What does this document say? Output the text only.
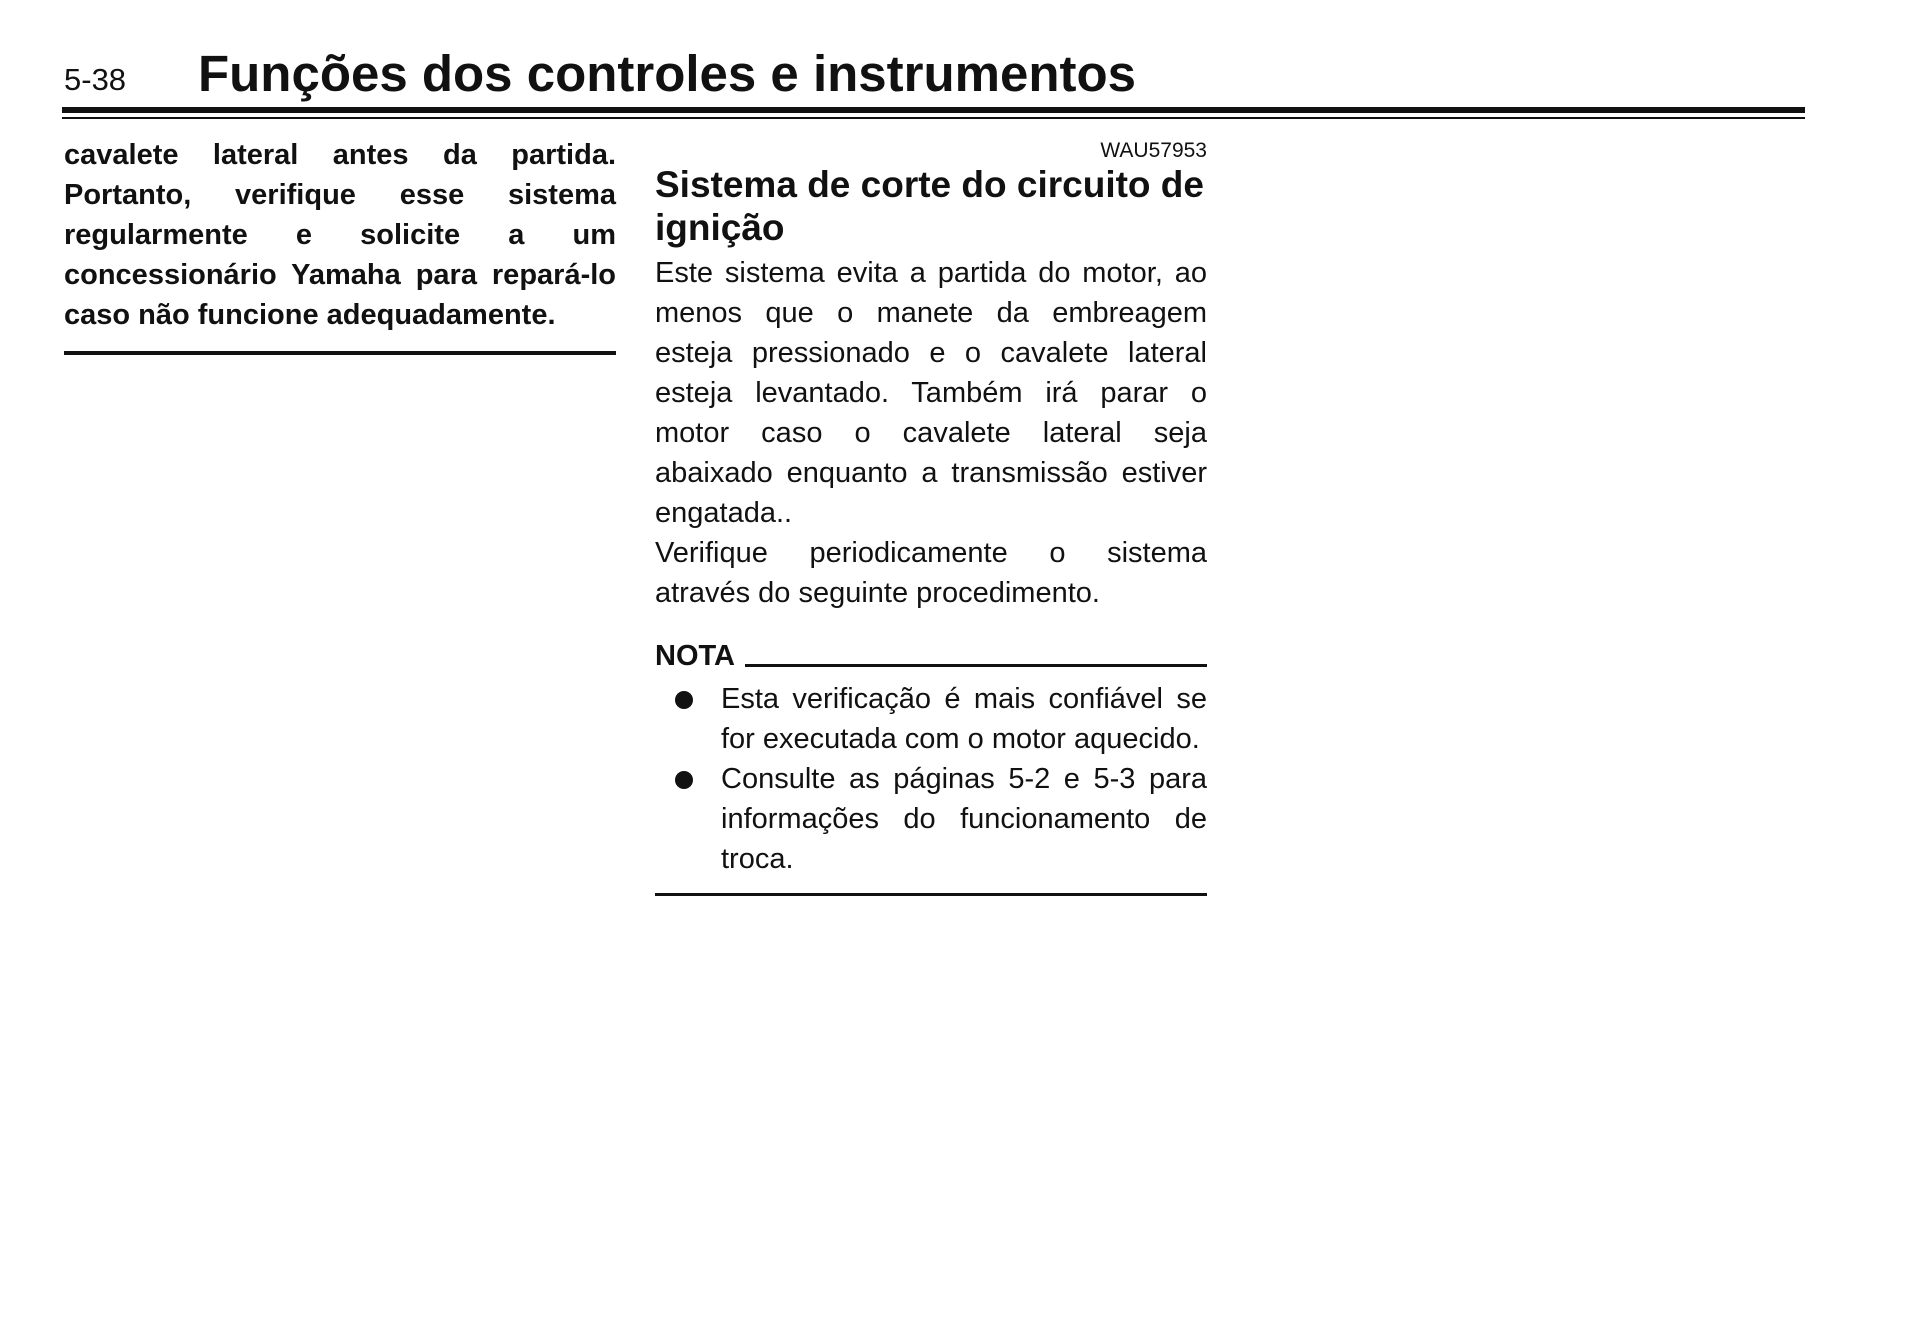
5-38 Funções dos controles e instrumentos

cavalete lateral antes da partida. Portanto, verifique esse sistema regularmente e solicite a um concessionário Yamaha para repará-lo caso não funcione adequadamente.

WAU57953

Sistema de corte do circuito de ignição

Este sistema evita a partida do motor, ao menos que o manete da embreagem esteja pressionado e o cavalete lateral esteja levantado. Também irá parar o motor caso o cavalete lateral seja abaixado enquanto a transmissão estiver engatada..

Verifique periodicamente o sistema através do seguinte procedimento.

NOTA
Esta verificação é mais confiável se for executada com o motor aquecido.
Consulte as páginas 5-2 e 5-3 para informações do funcionamento de troca.
